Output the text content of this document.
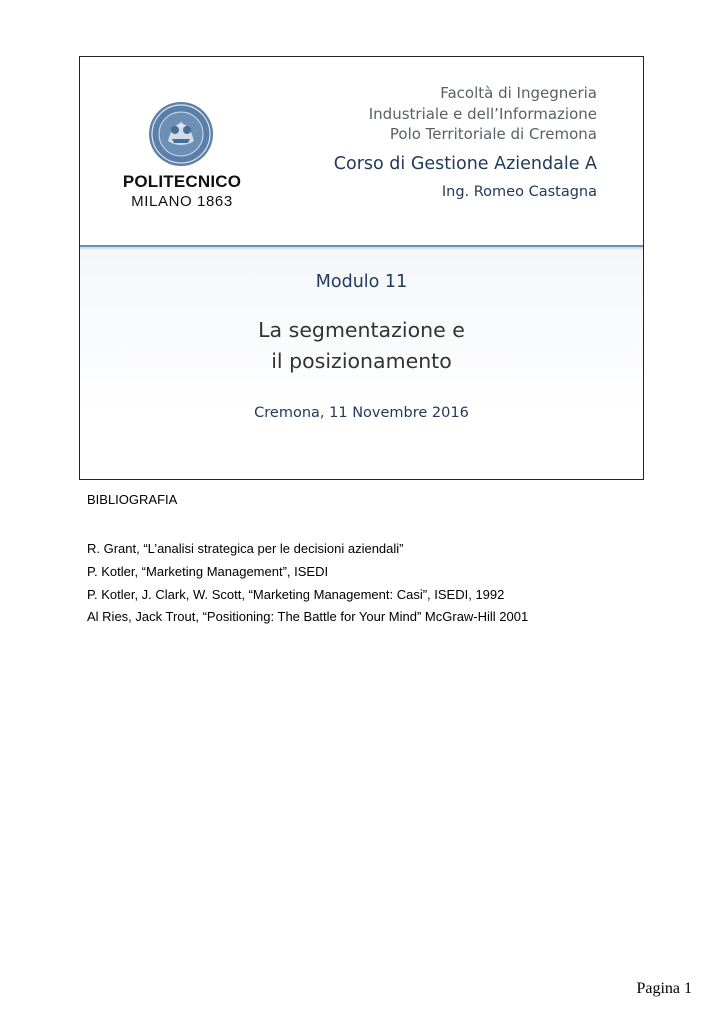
POLITECNICO
MILANO 1863
Facoltà di Ingegneria
Industriale e dell’Informazione
Polo Territoriale di Cremona
Corso di Gestione Aziendale A
Ing. Romeo Castagna
Modulo 11
La segmentazione e
il posizionamento
Cremona, 11 Novembre 2016
BIBLIOGRAFIA
R. Grant, “L’analisi strategica per le decisioni aziendali”
P. Kotler, “Marketing Management”, ISEDI
P. Kotler, J. Clark, W. Scott, “Marketing Management: Casi”, ISEDI, 1992
Al Ries, Jack Trout, “Positioning: The Battle for Your Mind” McGraw-Hill 2001
Pagina 1
